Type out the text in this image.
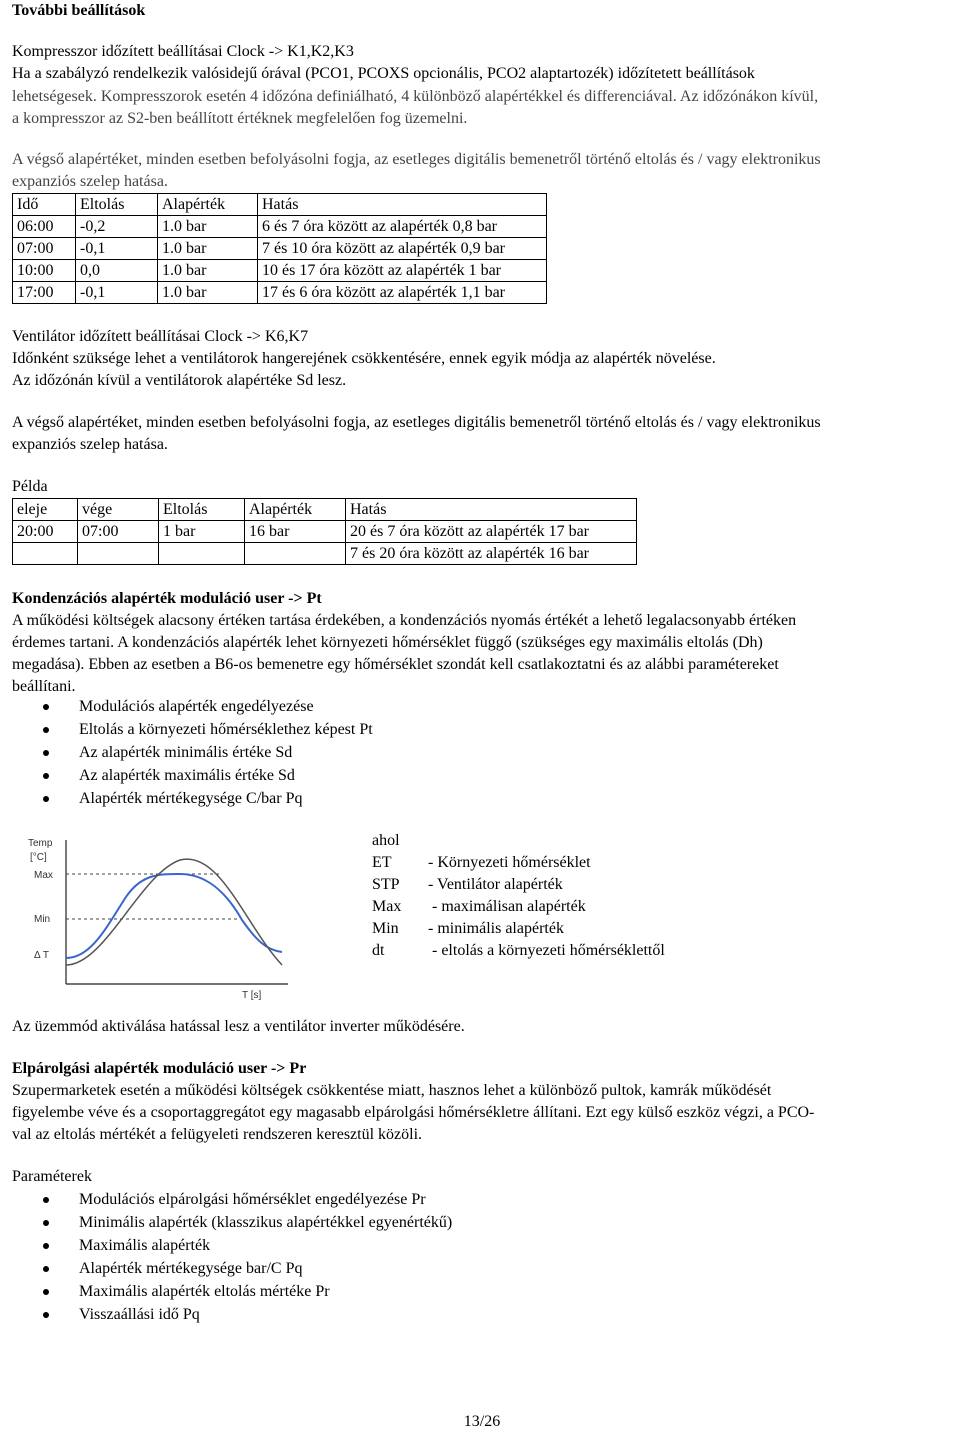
További beállítások

Kompresszor időzített beállításai Clock -> K1,K2,K3

Ha a szabályzó rendelkezik valósidejű órával (PCO1, PCOXS opcionális, PCO2 alaptartozék) időzítetett beállítások

lehetségesek. Kompresszorok esetén 4 időzóna definiálható, 4 különböző alapértékkel és differenciával. Az időzónákon kívül,

a kompresszor az S2-ben beállított értéknek megfelelően fog üzemelni.

A végső alapértéket, minden esetben befolyásolni fogja, az esetleges digitális bemenetről történő eltolás és / vagy elektronikus

expanziós szelep hatása.

Idő	Eltolás	Alapérték	Hatás
06:00	-0,2	1.0 bar	6 és 7 óra között az alapérték 0,8 bar
07:00	-0,1	1.0 bar	7 és 10 óra között az alapérték 0,9 bar
10:00	0,0	1.0 bar	10 és 17 óra között az alapérték 1 bar
17:00	-0,1	1.0 bar	17 és 6 óra között az alapérték 1,1 bar

Ventilátor időzített beállításai Clock -> K6,K7

Időnként szüksége lehet a ventilátorok hangerejének csökkentésére, ennek egyik módja az alapérték növelése.

Az időzónán kívül a ventilátorok alapértéke Sd lesz.

A végső alapértéket, minden esetben befolyásolni fogja, az esetleges digitális bemenetről történő eltolás és / vagy elektronikus

expanziós szelep hatása.

Példa

eleje	vége	Eltolás	Alapérték	Hatás
20:00	07:00	1 bar	16 bar	20 és 7 óra között az alapérték 17 bar
				7 és 20 óra között az alapérték 16 bar

Kondenzációs alapérték moduláció user -> Pt

A működési költségek alacsony értéken tartása érdekében, a kondenzációs nyomás értékét a lehető legalacsonyabb értéken

érdemes tartani. A kondenzációs alapérték lehet környezeti hőmérséklet függő (szükséges egy maximális eltolás (Dh)

megadása). Ebben az esetben a B6-os bemenetre egy hőmérséklet szondát kell csatlakoztatni és az alábbi paramétereket

beállítani.

Modulációs alapérték engedélyezése
Eltolás a környezeti hőmérséklethez képest Pt
Az alapérték minimális értéke Sd
Az alapérték maximális értéke Sd
Alapérték mértékegysége C/bar Pq
Temp
[°C]
Max
Min
Δ T
T [s]
ahol
ET - Környezeti hőmérséklet
STP - Ventilátor alapérték
Max - maximálisan alapérték
Min - minimális alapérték
dt	- eltolás a környezeti hőmérséklettől

Az üzemmód aktiválása hatással lesz a ventilátor inverter működésére.

Elpárolgási alapérték moduláció user -> Pr

Szupermarketek esetén a működési költségek csökkentése miatt, hasznos lehet a különböző pultok, kamrák működését

figyelembe véve és a csoportaggregátot egy magasabb elpárolgási hőmérsékletre állítani. Ezt egy külső eszköz végzi, a PCO-

val az eltolás mértékét a felügyeleti rendszeren keresztül közöli.

Paraméterek

Modulációs elpárolgási hőmérséklet engedélyezése Pr
Minimális alapérték (klasszikus alapértékkel egyenértékű)
Maximális alapérték
Alapérték mértékegysége bar/C Pq
Maximális alapérték eltolás mértéke Pr
Visszaállási idő Pq
13/26
